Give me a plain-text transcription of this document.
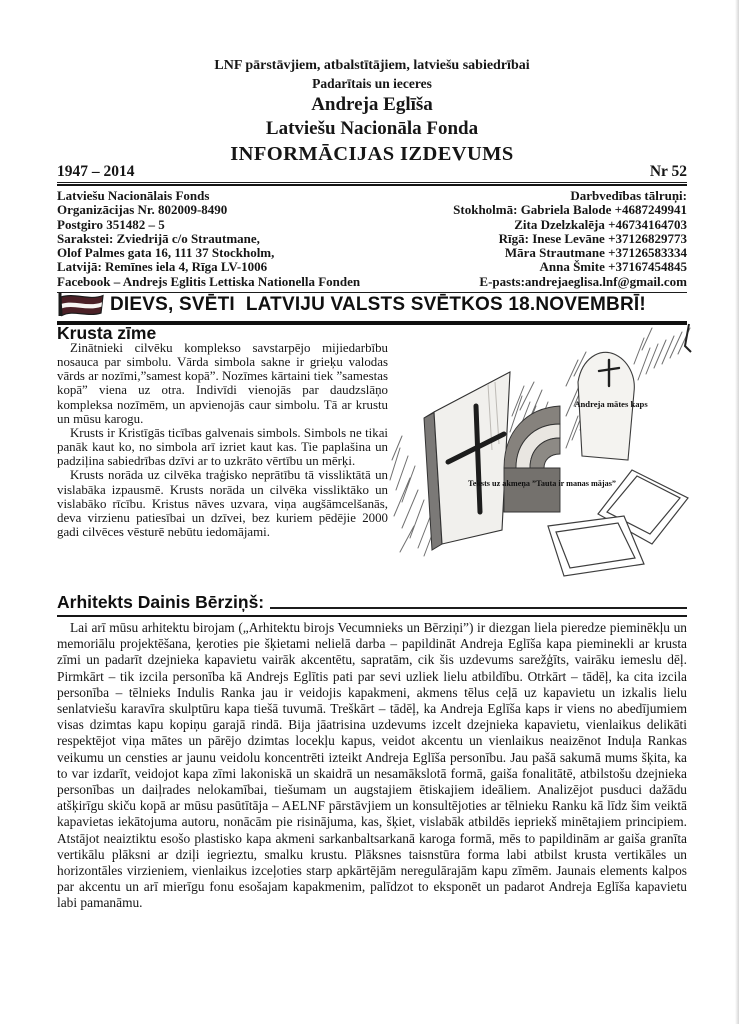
LNF pārstāvjiem, atbalstītājiem, latviešu sabiedrībai
Padarītais un ieceres
Andreja Eglīša
Latviešu Nacionāla Fonda
INFORMĀCIJAS IZDEVUMS
1947 – 2014	Nr 52
Latviešu Nacionālais Fonds
Organizācijas Nr. 802009-8490
Postgiro 351482 – 5
Sarakstei: Zviedrijā c/o Strautmane,
Olof Palmes gata 16, 111 37 Stockholm,
Latvijā: Remīnes iela 4, Rīga LV-1006
Facebook – Andrejs Eglitis Lettiska Nationella Fonden
Darbvedības tālruņi:
Stokholmā: Gabriela Balode +4687249941
Zita Dzelzkalēja +46734164703
Rīgā: Inese Levāne +37126829773
Māra Strautmane +37126583334
Anna Šmite +37167454845
E-pasts:andrejaeglisa.lnf@gmail.com
DIEVS, SVĒTI  LATVIJU VALSTS SVĒTKOS 18.NOVEMBRĪ!
Krusta zīme

Zinātnieki cilvēku komplekso savstarpējo mijiedarbību nosauca par simbolu. Vārda simbola sakne ir grieķu valodas vārds ar nozīmi,”samest kopā”. Nozīmes kārtaini tiek ”samestas kopā” viena uz otra. Indivīdi vienojās par daudzslāņo kompleksa nozīmēm, un apvienojās caur simbolu. Tā ar krustu un mūsu karogu.

Krusts ir Kristīgās ticības galvenais simbols. Simbols ne tikai panāk kaut ko, no simbola arī izriet kaut kas. Tie paplašina un padziļina sabiedrības dzīvi ar to uzkrāto vērtību un mērķi.

Krusts norāda uz cilvēka traģisko neprātību tā vissliktātā un vislabāka izpausmē. Krusts norāda un cilvēka vissliktāko un vislabāko rīcību. Kristus nāves uzvara, viņa augšāmcelšanās, deva virzienu patiesībai un dzīvei, bez kuriem pēdējie 2000 gadi cilvēces vēsturē nebūtu iedomājami.

Andreja mātes kaps
Teksts uz akmeņa ”Tauta ir manas mājas”
Arhitekts Dainis Bērziņš:

Lai arī mūsu arhitektu birojam („Arhitektu birojs Vecumnieks un Bērziņi”) ir diezgan liela pieredze pieminēkļu un memoriālu projektēšana, ķeroties pie šķietami nelielā darba – papildināt Andreja Eglīša kapa pieminekli ar krusta zīmi un padarīt dzejnieka kapavietu vairāk akcentētu, sapratām, cik šis uzdevums sarežģīts, vairāku iemeslu dēļ. Pirmkārt – tik izcila personība kā Andrejs Eglītis pati par sevi uzliek lielu atbildību. Otrkārt – tādēļ, ka cita izcila personība – tēlnieks Indulis Ranka jau ir veidojis kapakmeni, akmens tēlus ceļā uz kapavietu un izkalis lielu senlatviešu karavīra skulptūru kapa tiešā tuvumā. Treškārt – tādēļ, ka Andreja Eglīša kaps ir viens no abedījumiem visas dzimtas kapu kopiņu garajā rindā. Bija jāatrisina uzdevums izcelt dzejnieka kapavietu, vienlaikus delikāti respektējot viņa mātes un pārējo dzimtas locekļu kapus, veidot akcentu un vienlaikus neaizēnot Induļa Rankas veikumu un censties ar jaunu veidolu koncentrēti izteikt Andreja Eglīša personību. Jau pašā sakumā mums šķita, ka to var izdarīt, veidojot kapa zīmi lakoniskā un skaidrā un nesamākslotā formā, gaiša fonalitātē, atbilstošu dzejnieka personības un daiļrades nelokamībai, tiešumam un augstajiem ētiskajiem ideāliem. Analizējot pusduci dažādu atšķirīgu skiču kopā ar mūsu pasūtītāja – AELNF pārstāvjiem un konsultējoties ar tēlnieku Ranku kā līdz šim veiktā kapavietas iekātojuma autoru, nonācām pie risinājuma, kas, šķiet, vislabāk atbildēs iepriekš minētajiem principiem. Atstājot neaiztiktu esošo plastisko kapa akmeni sarkanbaltsarkanā karoga formā, mēs to papildinām ar gaiša granīta vertikālu plāksni ar dziļi iegrieztu, smalku krustu. Plāksnes taisnstūra forma labi atbilst krusta vertikāles un horizontāles virzieniem, vienlaikus izceļoties starp apkārtējām neregulārajām kapu zīmēm. Jaunais elements kalpos par akcentu un arī mierīgu fonu esošajam kapakmenim, palīdzot to eksponēt un padarot Andreja Eglīša kapavietu labi pamanāmu.
